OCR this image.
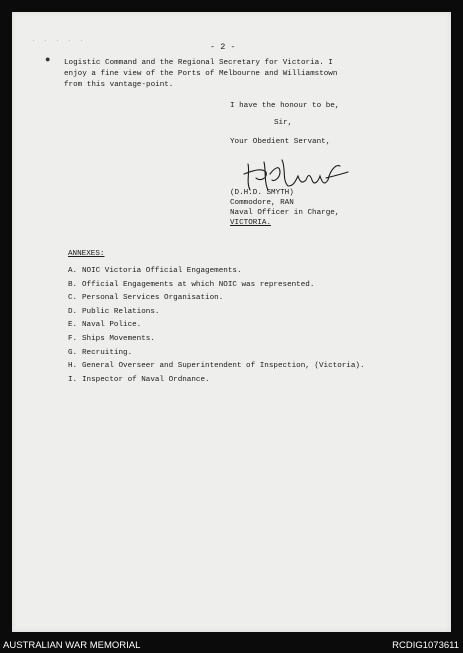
· · · · ·
- 2 -
● Logistic Command and the Regional Secretary for Victoria. I
enjoy a fine view of the Ports of Melbourne and Williamstown
from this vantage-point.
I have the honour to be,
Sir,
Your Obedient Servant,
(D.H.D. SMYTH)
Commodore, RAN
Naval Officer in Charge,
VICTORIA.
ANNEXES:
A. NOIC Victoria Official Engagements.
B. Official Engagements at which NOIC was represented.
C. Personal Services Organisation.
D. Public Relations.
E. Naval Police.
F. Ships Movements.
G. Recruiting.
H. General Overseer and Superintendent of Inspection, (Victoria).
I. Inspector of Naval Ordnance.
AUSTRALIAN WAR MEMORIAL	RCDIG1073611
